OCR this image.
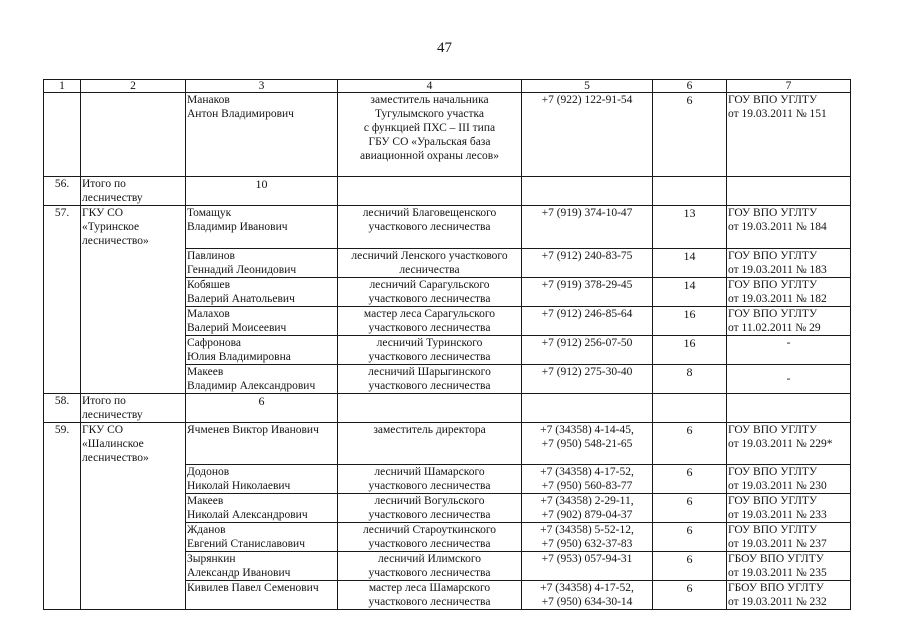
47
1	2	3	4	5	6	7

		Манаков
Антон Владимирович	заместитель начальника
Тугулымского участка
с функцией ПХС – III типа
ГБУ СО «Уральская база
авиационной охраны лесов»	+7 (922) 122-91-54	6	ГОУ ВПО УГЛТУ
от 19.03.2011 № 151

56.	Итого по
лесничеству	10				
57.	ГКУ СО
«Туринское
лесничество»	Томащук
Владимир Иванович	лесничий Благовещенского
участкового лесничества	+7 (919) 374-10-47	13	ГОУ ВПО УГЛТУ
от 19.03.2011 № 184

		Павлинов
Геннадий Леонидович	лесничий Ленского участкового
лесничества	+7 (912) 240-83-75	14	ГОУ ВПО УГЛТУ
от 19.03.2011 № 183

		Кобяшев
Валерий Анатольевич	лесничий Сарагульского
участкового лесничества	+7 (919) 378-29-45	14	ГОУ ВПО УГЛТУ
от 19.03.2011 № 182

		Малахов
Валерий Моисеевич	мастер леса Сарагульского
участкового лесничества	+7 (912) 246-85-64	16	ГОУ ВПО УГЛТУ
от 11.02.2011 № 29

		Сафронова
Юлия Владимировна	лесничий Туринского
участкового лесничества	+7 (912) 256-07-50	16	-

		Макеев
Владимир Александрович	лесничий Шарыгинского
участкового лесничества	+7 (912) 275-30-40	8	-

58.	Итого по
лесничеству	6				
59.	ГКУ СО
«Шалинское
лесничество»	Ячменев Виктор Иванович	заместитель директора	+7 (34358) 4-14-45,
+7 (950) 548-21-65	6	ГОУ ВПО УГЛТУ
от 19.03.2011 № 229*

		Додонов
Николай Николаевич	лесничий Шамарского
участкового лесничества	+7 (34358) 4-17-52,
+7 (950) 560-83-77	6	ГОУ ВПО УГЛТУ
от 19.03.2011 № 230

		Макеев
Николай Александрович	лесничий Вогульского
участкового лесничества	+7 (34358) 2-29-11,
+7 (902) 879-04-37	6	ГОУ ВПО УГЛТУ
от 19.03.2011 № 233

		Жданов
Евгений Станиславович	лесничий Староуткинского
участкового лесничества	+7 (34358) 5-52-12,
+7 (950) 632-37-83	6	ГОУ ВПО УГЛТУ
от 19.03.2011 № 237

		Зырянкин
Александр Иванович	лесничий Илимского
участкового лесничества	+7 (953) 057-94-31	6	ГБОУ ВПО УГЛТУ
от 19.03.2011 № 235

		Кивилев Павел Семенович	мастер леса Шамарского
участкового лесничества	+7 (34358) 4-17-52,
+7 (950) 634-30-14	6	ГБОУ ВПО УГЛТУ
от 19.03.2011 № 232
